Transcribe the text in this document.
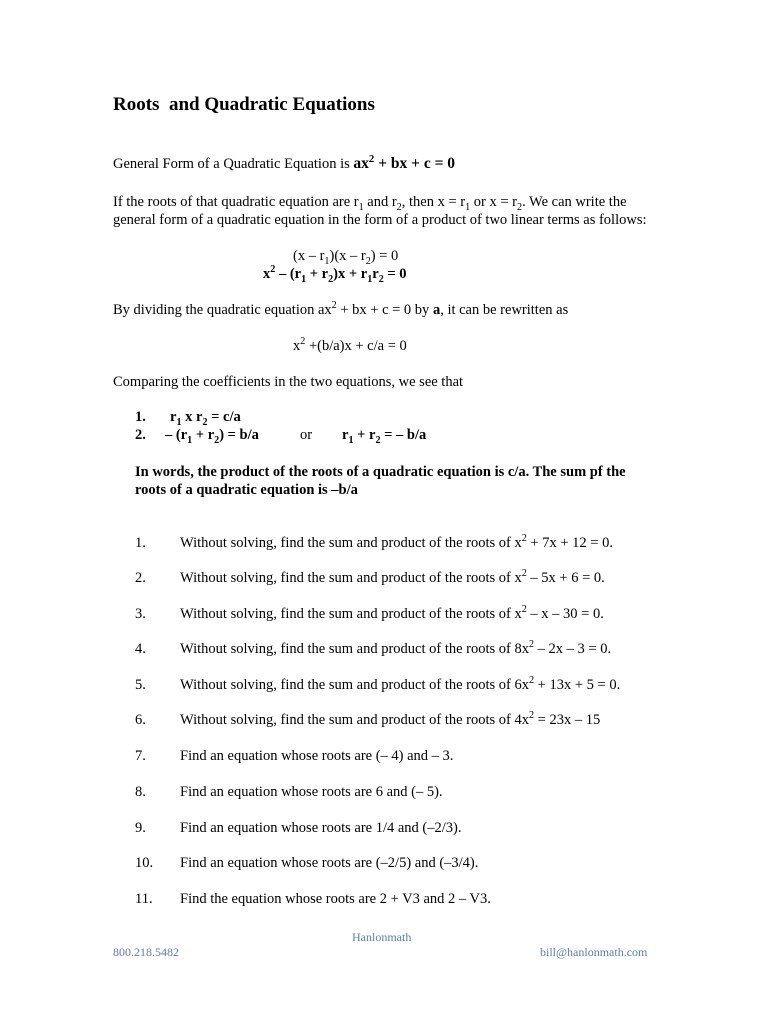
Roots  and Quadratic Equations
General Form of a Quadratic Equation is $ax^2$ + bx + c = 0
If the roots of that quadratic equation are $r_1$ and $r_2$, then $x = r_1$ or $x = r_2$. We can write the general form of a quadratic equation in the form of a product of two linear terms as follows:
$(x - r_1)(x - r_2) = 0$
$x^2 - (r_1 + r_2)x + r_1r_2 = 0$
By dividing the quadratic equation $ax^2$ + bx + c = 0 by a, it can be rewritten as
$x^2 +(b/a)x + c/a = 0$
Comparing the coefficients in the two equations, we see that
1. $r_1$ x $r_2 = c/a$
2. – $(r_1 + r_2) = b/a$	or $r_1 + r_2$ = – b/a
In words, the product of the roots of a quadratic equation is c/a. The sum pf the roots of a quadratic equation is –b/a
1. Without solving, find the sum and product of the roots of $x^2 + 7x + 12 = 0$.
2. Without solving, find the sum and product of the roots of $x^2 - 5x + 6 = 0$.
3. Without solving, find the sum and product of the roots of $x^2 - x - 30 = 0$.
4. Without solving, find the sum and product of the roots of $8x^2 - 2x - 3 = 0$.
5. Without solving, find the sum and product of the roots of $6x^2 + 13x + 5 = 0$.
6. Without solving, find the sum and product of the roots of $4x^2 = 23x - 15$
7. Find an equation whose roots are (– 4) and – 3.
8. Find an equation whose roots are 6 and (– 5).
9. Find an equation whose roots are 1/4 and (–2/3).
10. Find an equation whose roots are (–2/5) and (–3/4).
11. Find the equation whose roots are 2 + V3 and 2 – V3.
Hanlonmath
800.218.5482	bill@hanlonmath.com
